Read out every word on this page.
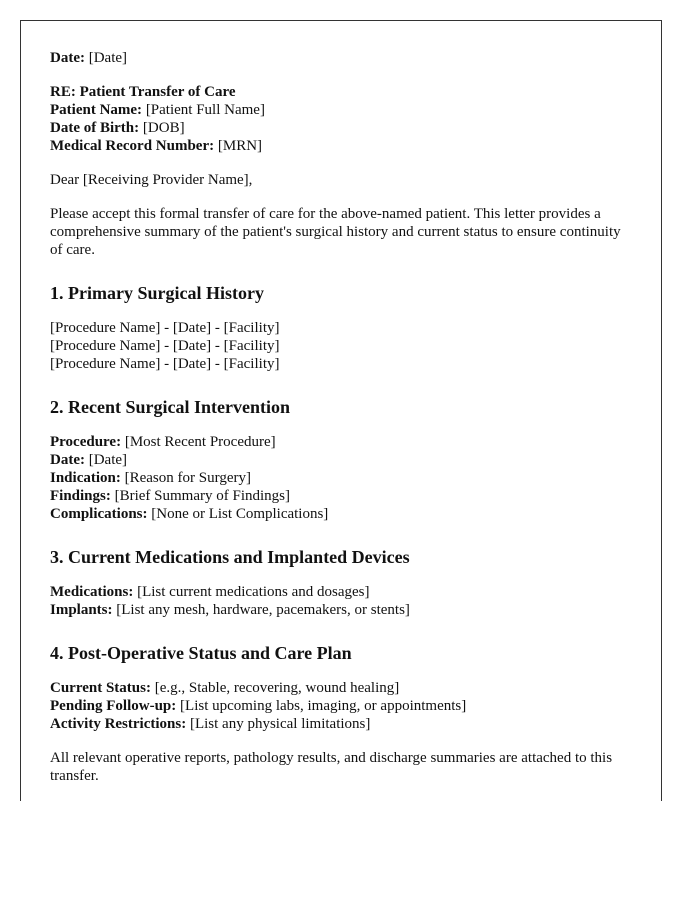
Date: [Date]

RE: Patient Transfer of Care
Patient Name: [Patient Full Name]
Date of Birth: [DOB]
Medical Record Number: [MRN]

Dear [Receiving Provider Name],

Please accept this formal transfer of care for the above-named patient. This letter provides a comprehensive summary of the patient's surgical history and current status to ensure continuity of care.

1. Primary Surgical History

[Procedure Name] - [Date] - [Facility]
[Procedure Name] - [Date] - [Facility]
[Procedure Name] - [Date] - [Facility]

2. Recent Surgical Intervention

Procedure: [Most Recent Procedure]
Date: [Date]
Indication: [Reason for Surgery]
Findings: [Brief Summary of Findings]
Complications: [None or List Complications]

3. Current Medications and Implanted Devices

Medications: [List current medications and dosages]
Implants: [List any mesh, hardware, pacemakers, or stents]

4. Post-Operative Status and Care Plan

Current Status: [e.g., Stable, recovering, wound healing]
Pending Follow-up: [List upcoming labs, imaging, or appointments]
Activity Restrictions: [List any physical limitations]

All relevant operative reports, pathology results, and discharge summaries are attached to this transfer.
